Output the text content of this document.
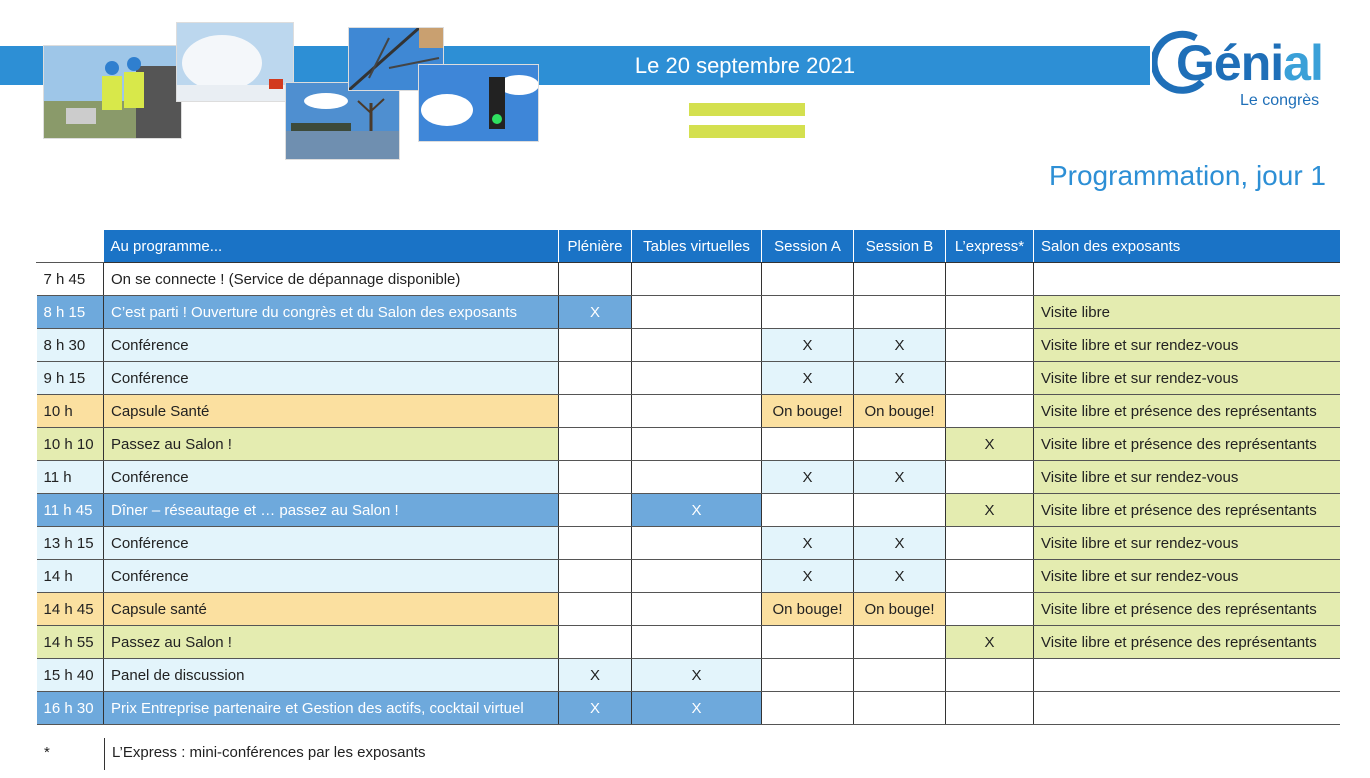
Le 20 septembre 2021	Génial
Le congrès
Programmation, jour 1
	Au programme...	Plénière	Tables virtuelles	Session A	Session B	L’express*	Salon des exposants
7 h 45	On se connecte ! (Service de dépannage disponible)						
8 h 15	C’est parti ! Ouverture du congrès et du Salon des exposants	X					Visite libre
8 h 30	Conférence			X	X		Visite libre et sur rendez-vous
9 h 15	Conférence			X	X		Visite libre et sur rendez-vous
10 h	Capsule Santé			On bouge!	On bouge!		Visite libre et présence des représentants
10 h 10	Passez au Salon !					X	Visite libre et présence des représentants
11 h	Conférence			X	X		Visite libre et sur rendez-vous
11 h 45	Dîner – réseautage et … passez au Salon !		X			X	Visite libre et présence des représentants
13 h 15	Conférence			X	X		Visite libre et sur rendez-vous
14 h	Conférence			X	X		Visite libre et sur rendez-vous
14 h 45	Capsule santé			On bouge!	On bouge!		Visite libre et présence des représentants
14 h 55	Passez au Salon !					X	Visite libre et présence des représentants
15 h 40	Panel de discussion	X	X				
16 h 30	Prix Entreprise partenaire et Gestion des actifs, cocktail virtuel	X	X				
*	L’Express : mini-conférences par les exposants
